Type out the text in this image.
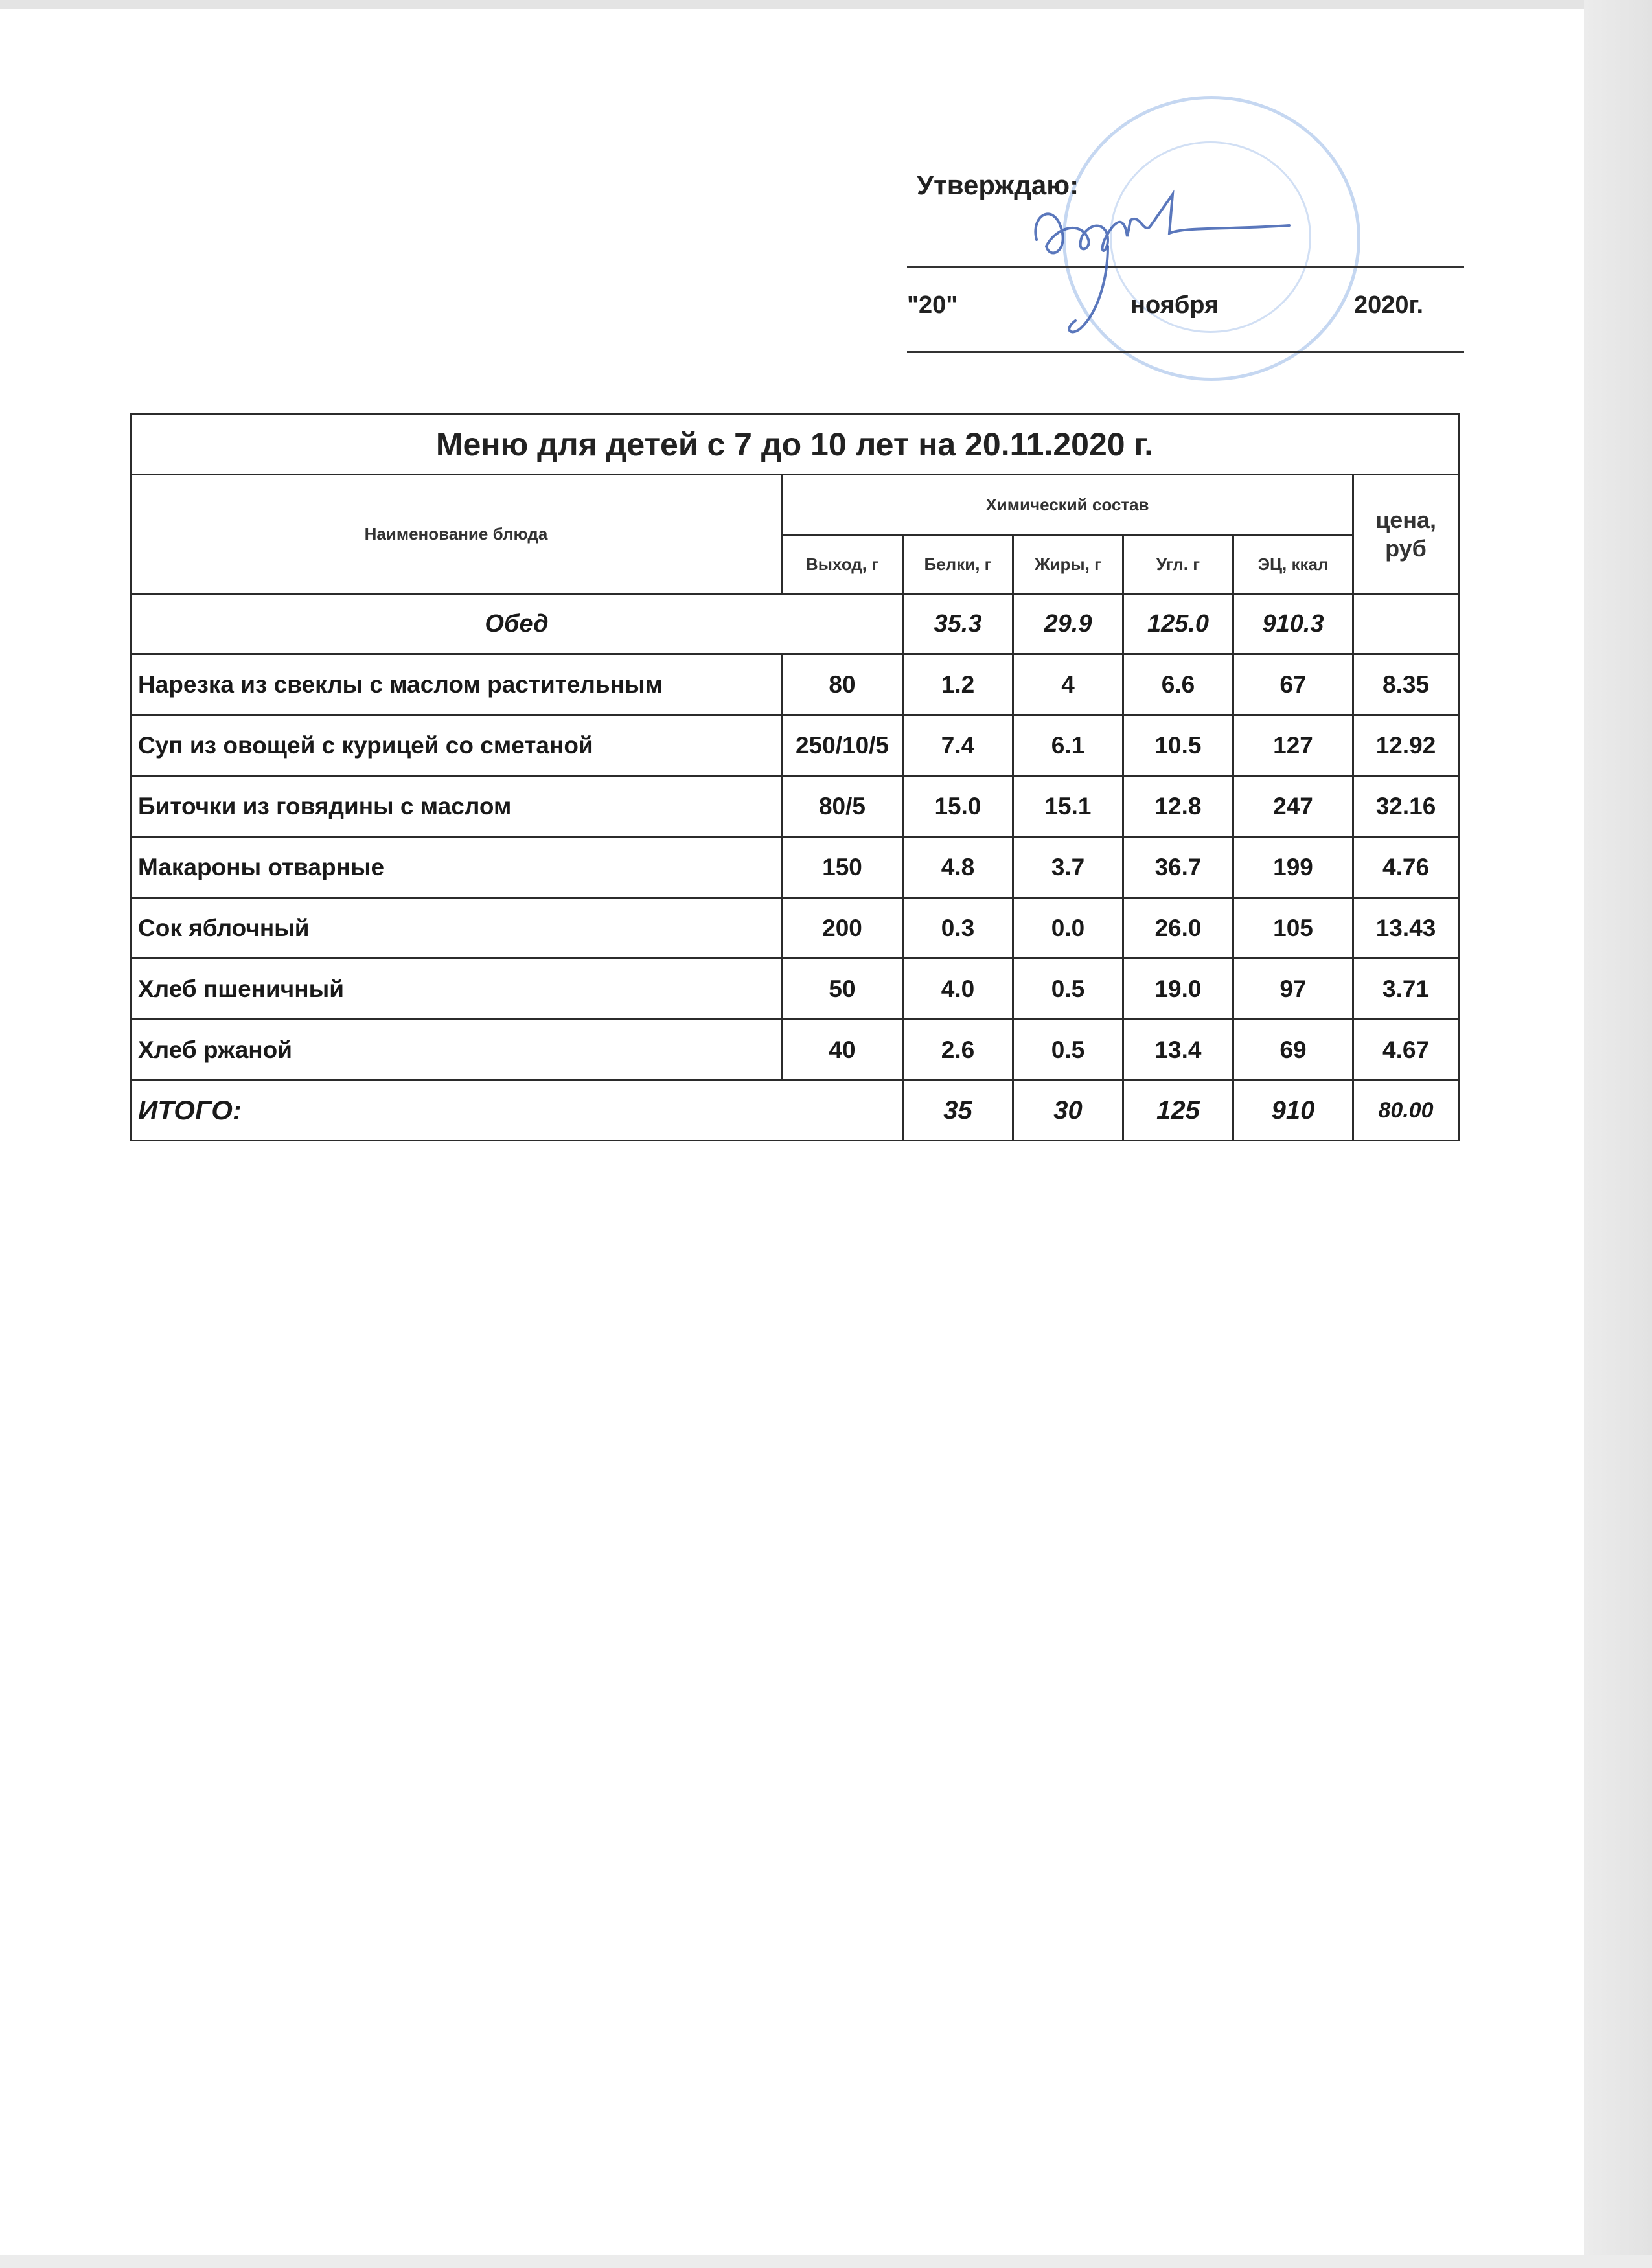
Утверждаю:
"20"	ноября	2020г.
Меню для детей с 7 до 10 лет на 20.11.2020 г.						
Наименование блюда	Химический состав					цена, руб

	Выход, г	Белки, г	Жиры, г	Угл. г	ЭЦ, ккал	
Обед		35.3	29.9	125.0	910.3	
Нарезка из свеклы с маслом растительным	80	1.2	4	6.6	67	8.35
Суп из овощей с курицей со сметаной	250/10/5	7.4	6.1	10.5	127	12.92
Биточки из говядины с маслом	80/5	15.0	15.1	12.8	247	32.16
Макароны отварные	150	4.8	3.7	36.7	199	4.76
Сок яблочный	200	0.3	0.0	26.0	105	13.43
Хлеб пшеничный	50	4.0	0.5	19.0	97	3.71
Хлеб ржаной	40	2.6	0.5	13.4	69	4.67
ИТОГО:		35	30	125	910	80.00
